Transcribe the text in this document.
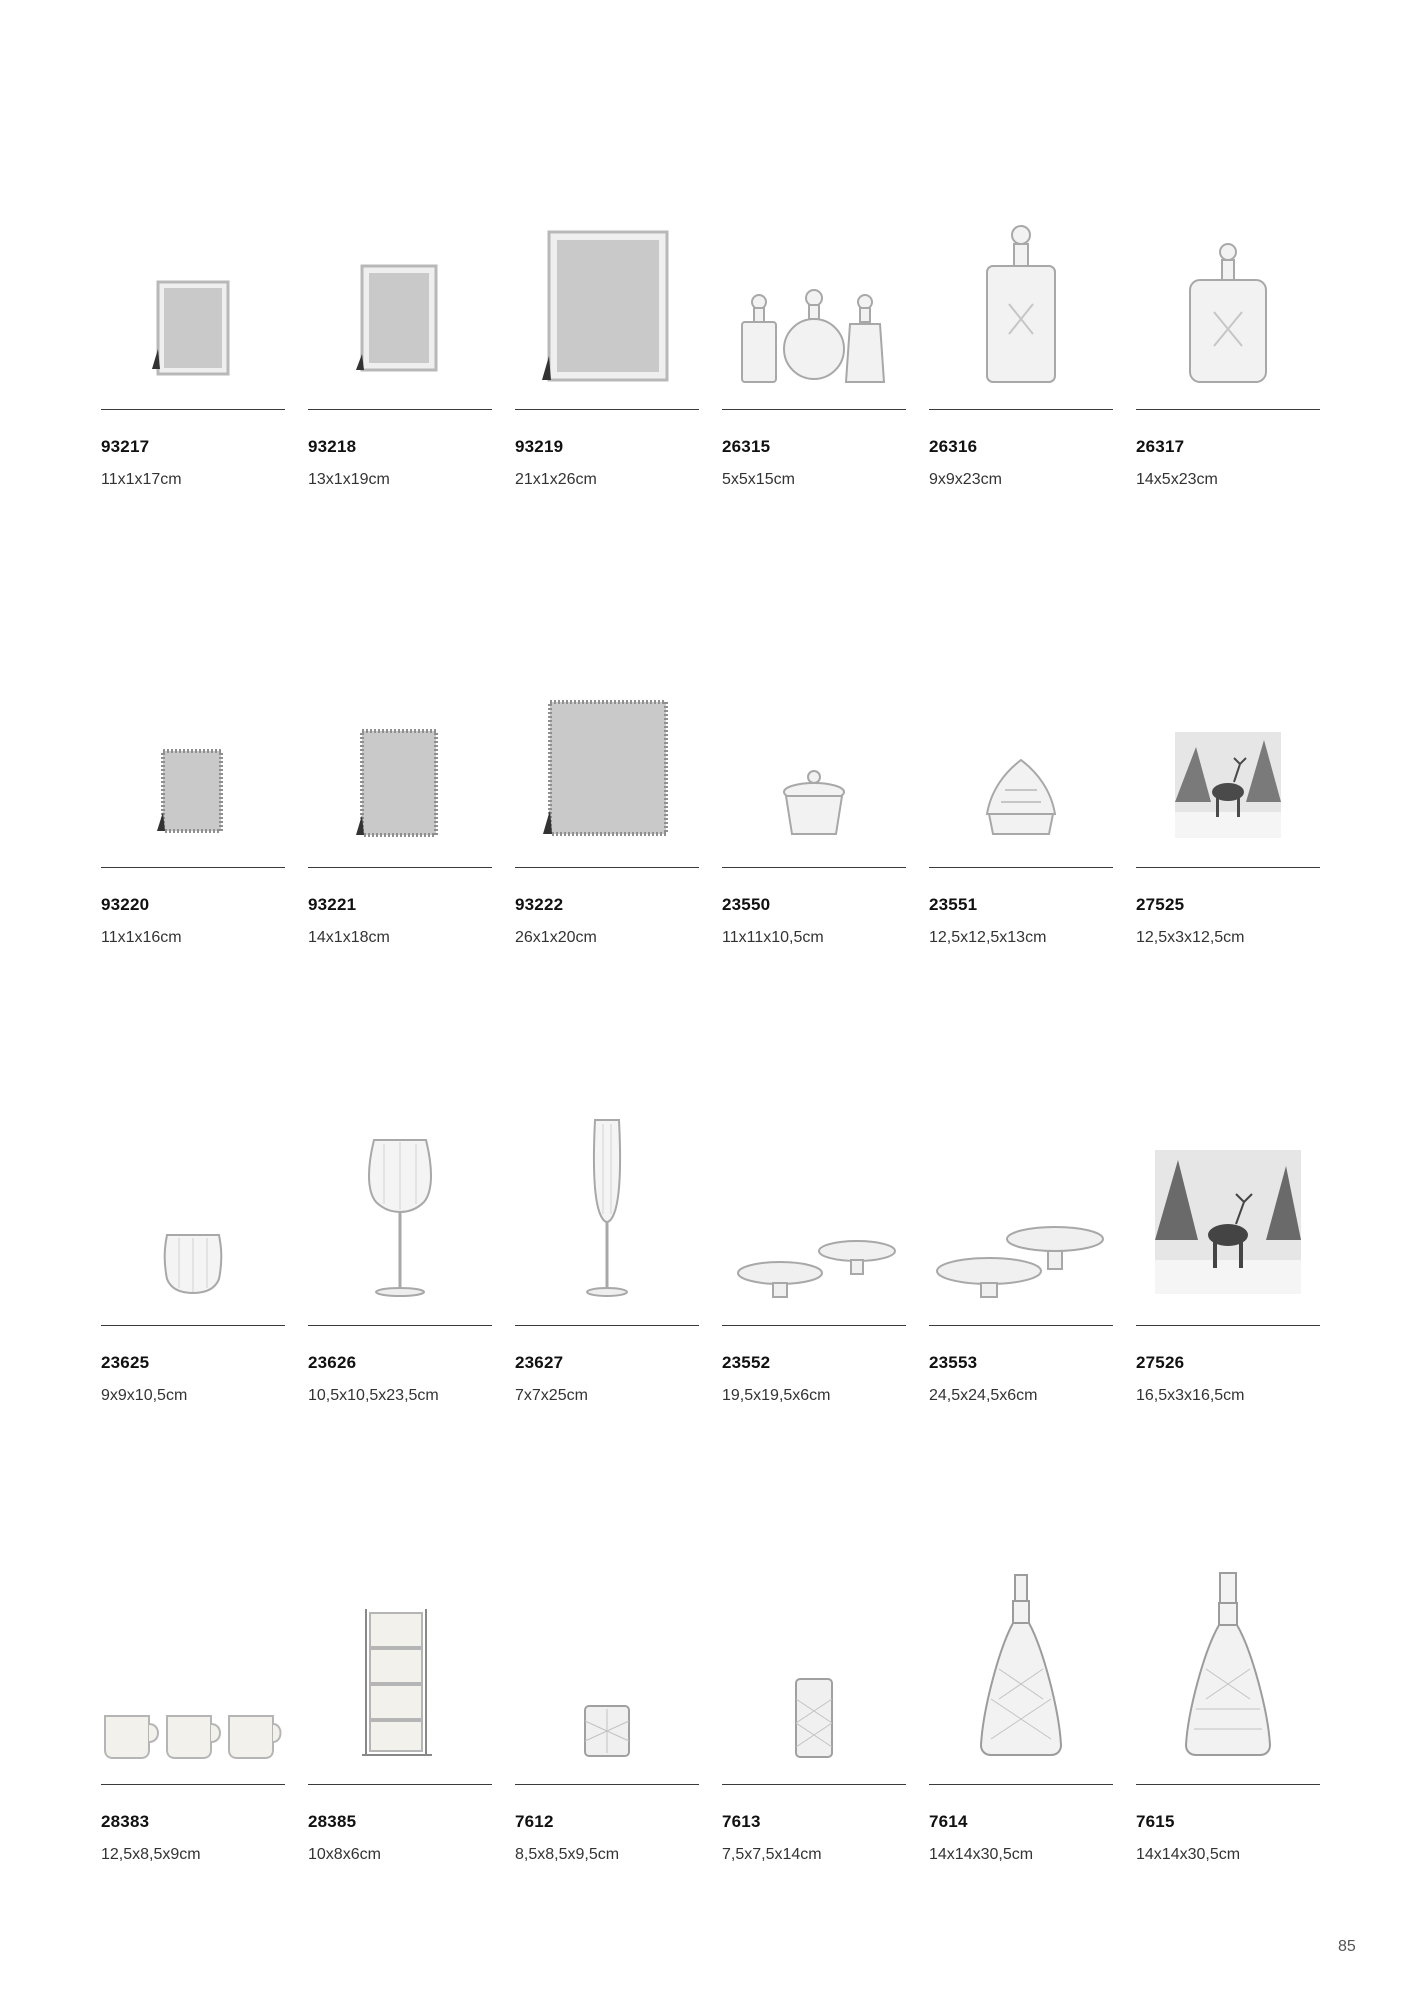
93217
11x1x17cm
93218
13x1x19cm
93219
21x1x26cm
26315
5x5x15cm
26316
9x9x23cm
26317
14x5x23cm
93220
11x1x16cm
93221
14x1x18cm
93222
26x1x20cm
23550
11x11x10,5cm
23551
12,5x12,5x13cm
27525
12,5x3x12,5cm
23625
9x9x10,5cm
23626
10,5x10,5x23,5cm
23627
7x7x25cm
23552
19,5x19,5x6cm
23553
24,5x24,5x6cm
27526
16,5x3x16,5cm
28383
12,5x8,5x9cm
28385
10x8x6cm
7612
8,5x8,5x9,5cm
7613
7,5x7,5x14cm
7614
14x14x30,5cm
7615
14x14x30,5cm
85
